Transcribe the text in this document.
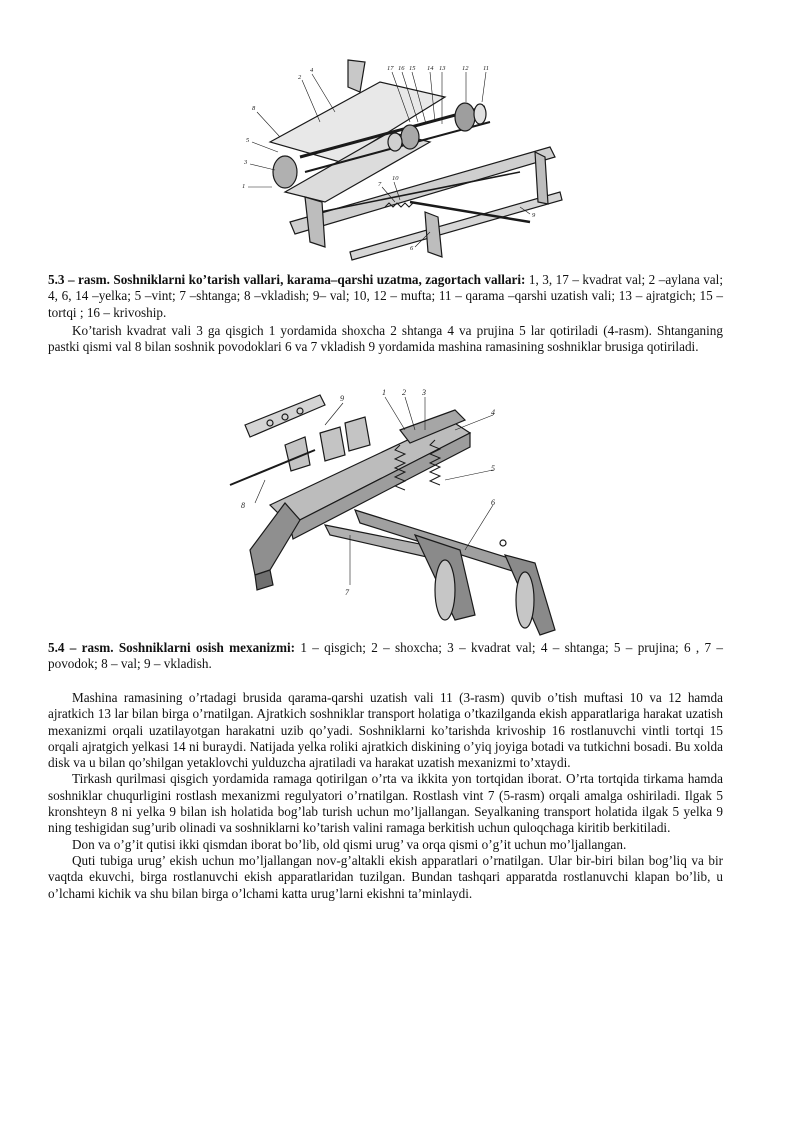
2
4
8
5
3
1
17 16 15 14 13	12 11
7
10
9
6

5.3 – rasm. Soshniklarni ko’tarish vallari, karama–qarshi uzatma, zagortach vallari: 1, 3, 17 – kvadrat val; 2 –aylana val; 4, 6, 14 –yelka; 5 –vint; 7 –shtanga; 8 –vkladish; 9– val; 10, 12 – mufta; 11 – qarama –qarshi uzatish vali; 13 – ajratgich; 15 – tortqi ; 16 – krivoship.

Ko’tarish kvadrat vali 3 ga qisgich 1 yordamida shoxcha 2 shtanga 4 va prujina 5 lar qotiriladi (4-rasm). Shtanganing pastki qismi val 8 bilan soshnik povodoklari 6 va 7 vkladish 9 yordamida mashina ramasining soshniklar brusiga qotiriladi.

9
1 2 3
4
5
6
8
7

5.4 – rasm. Soshniklarni osish mexanizmi: 1 – qisgich; 2 – shoxcha; 3 – kvadrat val; 4 – shtanga; 5 – prujina; 6 , 7 – povodok; 8 – val; 9 – vkladish.

Mashina ramasining o’rtadagi brusida qarama-qarshi uzatish vali 11 (3-rasm) quvib o’tish muftasi 10 va 12 hamda ajratkich 13 lar bilan birga o’rnatilgan. Ajratkich soshniklar transport holatiga o’tkazilganda ekish apparatlariga harakat uzatish mexanizmi orqali uzatilayotgan harakatni uzib qo’yadi. Soshniklarni ko’tarishda krivoship 16 rostlanuvchi vintli tortqi 15 orqali ajratgich yelkasi 14 ni buraydi. Natijada yelka roliki ajratkich diskining o’yiq joyiga botadi va tutkichni bosadi. Bu xolda disk va u bilan qo’shilgan yetaklovchi yulduzcha ajratiladi va harakat uzatish mexanizmi to’xtaydi.

Tirkash qurilmasi qisgich yordamida ramaga qotirilgan o’rta va ikkita yon tortqidan iborat. O’rta tortqida tirkama hamda soshniklar chuqurligini rostlash mexanizmi regulyatori o’rnatilgan. Rostlash vint 7 (5-rasm) orqali amalga oshiriladi. Ilgak 5 kronshteyn 8 ni yelka 9 bilan ish holatida bog’lab turish uchun mo’ljallangan. Seyalkaning transport holatida ilgak 5 yelka 9 ning teshigidan sug’urib olinadi va soshniklarni ko’tarish valini ramaga berkitish uchun quloqchaga kiritib berkitiladi.

Don va o’g’it qutisi ikki qismdan iborat bo’lib, old qismi urug’ va orqa qismi o’g’it uchun mo’ljallangan.

Quti tubiga urug’ ekish uchun mo’ljallangan nov-g’altakli ekish apparatlari o’rnatilgan. Ular bir-biri bilan bog’liq va bir vaqtda ekuvchi, birga rostlanuvchi ekish apparatlaridan tuzilgan. Bundan tashqari apparatda rostlanuvchi klapan bo’lib, u o’lchami kichik va shu bilan birga o’lchami katta urug’larni ekishni ta’minlaydi.
